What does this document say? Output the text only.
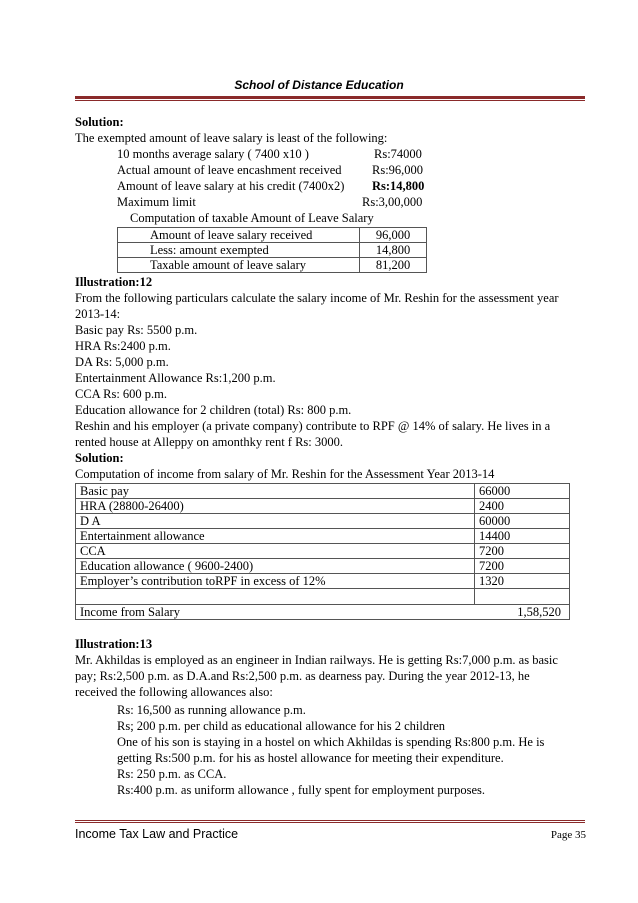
School of Distance Education
Solution:
The exempted amount of leave salary is least of the following:
10 months average salary ( 7400 x10 )	Rs:74000
Actual amount of leave encashment received Rs:96,000
Amount of leave salary at his credit (7400x2) Rs:14,800
Maximum limit	Rs:3,00,000
Computation of taxable Amount of Leave Salary
Amount of leave salary received	96,000
Less: amount exempted	14,800
Taxable amount of leave salary	81,200
Illustration:12
From the following particulars calculate the salary income of Mr. Reshin for the assessment year
2013-14:
Basic pay Rs: 5500 p.m.
HRA Rs:2400 p.m.
DA Rs: 5,000 p.m.
Entertainment Allowance Rs:1,200 p.m.
CCA Rs: 600 p.m.
Education allowance for 2 children (total) Rs: 800 p.m.
Reshin and his employer (a private company) contribute to RPF @ 14% of salary. He lives in a
rented house at Alleppy on amonthky rent f Rs: 3000.
Solution:
Computation of income from salary of Mr. Reshin for the Assessment Year 2013-14
Basic pay	66000
HRA (28800-26400)	2400
D A	60000
Entertainment allowance	14400
CCA	7200
Education allowance ( 9600-2400)	7200
Employer’s contribution toRPF in excess of 12%	1320

Income from Salary 1,58,520	
Illustration:13
Mr. Akhildas is employed as an engineer in Indian railways. He is getting Rs:7,000 p.m. as basic
pay; Rs:2,500 p.m. as D.A.and Rs:2,500 p.m. as dearness pay. During the year 2012-13, he
received the following allowances also:
Rs: 16,500 as running allowance p.m.
Rs; 200 p.m. per child as educational allowance for his 2 children
One of his son is staying in a hostel on which Akhildas is spending Rs:800 p.m. He is
getting Rs:500 p.m. for his as hostel allowance for meeting their expenditure.
Rs: 250 p.m. as CCA.
Rs:400 p.m. as uniform allowance , fully spent for employment purposes.
Income Tax Law and Practice	Page 35
